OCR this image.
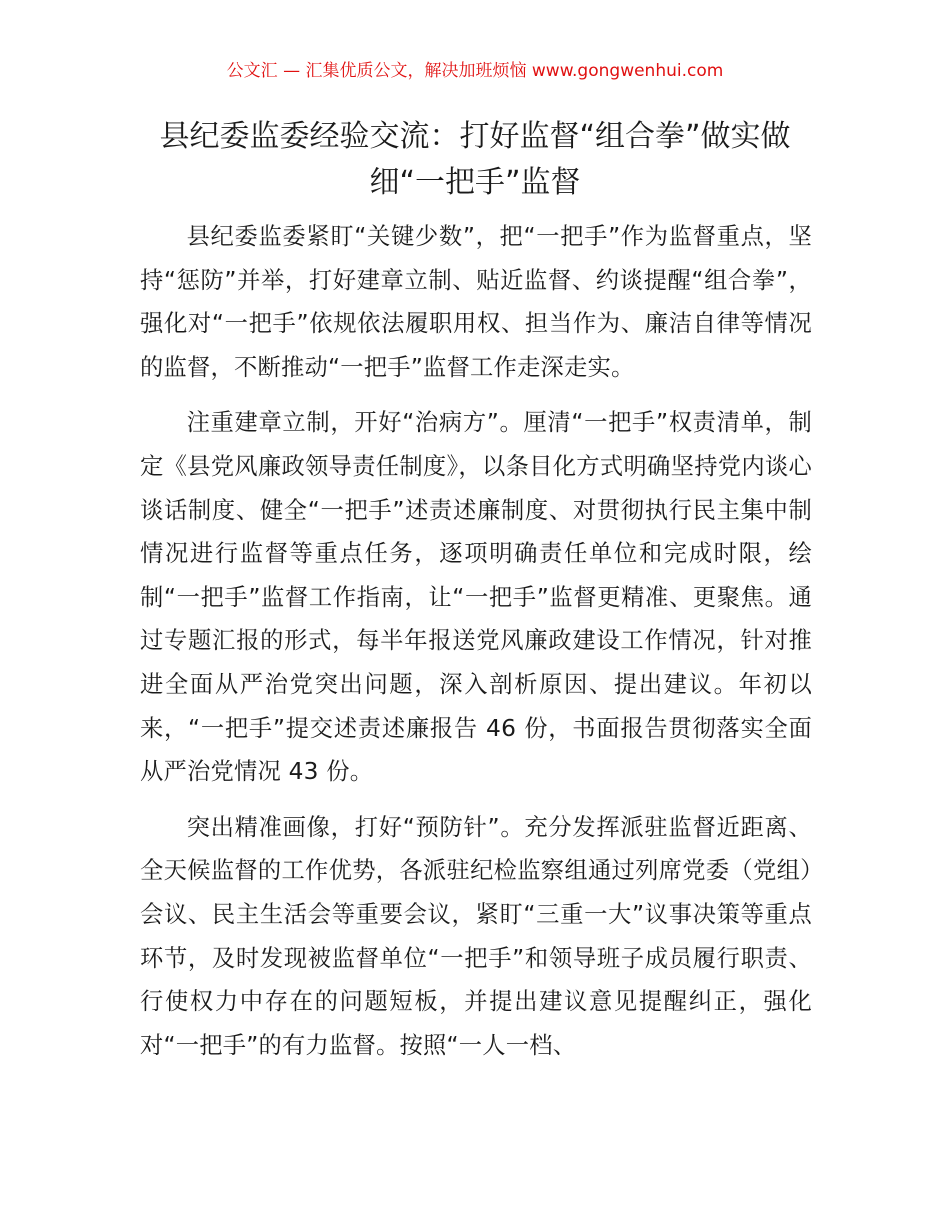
公文汇 — 汇集优质公文，解决加班烦恼 www.gongwenhui.com
县纪委监委经验交流：打好监督“组合拳”做实做细“一把手”监督

县纪委监委紧盯“关键少数”，把“一把手”作为监督重点，坚持“惩防”并举，打好建章立制、贴近监督、约谈提醒“组合拳”，强化对“一把手”依规依法履职用权、担当作为、廉洁自律等情况的监督，不断推动“一把手”监督工作走深走实。

注重建章立制，开好“治病方”。厘清“一把手”权责清单，制定《县党风廉政领导责任制度》，以条目化方式明确坚持党内谈心谈话制度、健全“一把手”述责述廉制度、对贯彻执行民主集中制情况进行监督等重点任务，逐项明确责任单位和完成时限，绘制“一把手”监督工作指南，让“一把手”监督更精准、更聚焦。通过专题汇报的形式，每半年报送党风廉政建设工作情况，针对推进全面从严治党突出问题，深入剖析原因、提出建议。年初以来，“一把手”提交述责述廉报告 46 份，书面报告贯彻落实全面从严治党情况 43 份。

突出精准画像，打好“预防针”。充分发挥派驻监督近距离、全天候监督的工作优势，各派驻纪检监察组通过列席党委（党组）会议、民主生活会等重要会议，紧盯“三重一大”议事决策等重点环节，及时发现被监督单位“一把手”和领导班子成员履行职责、行使权力中存在的问题短板，并提出建议意见提醒纠正，强化对“一把手”的有力监督。按照“一人一档、
